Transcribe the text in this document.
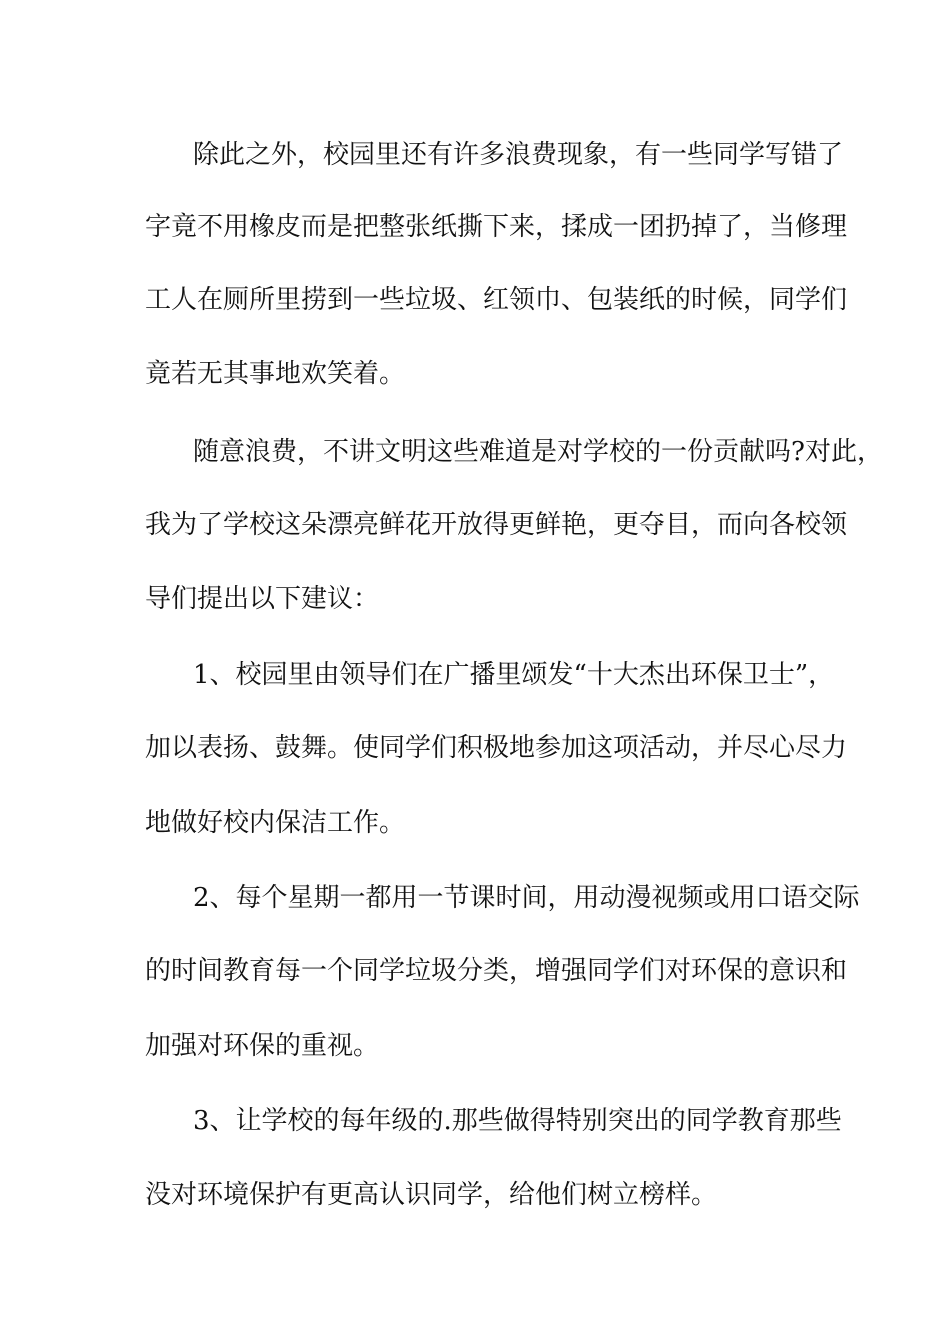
除此之外，校园里还有许多浪费现象，有一些同学写错了

字竟不用橡皮而是把整张纸撕下来，揉成一团扔掉了，当修理

工人在厕所里捞到一些垃圾、红领巾、包装纸的时候，同学们

竟若无其事地欢笑着。

随意浪费，不讲文明这些难道是对学校的一份贡献吗?对此，

我为了学校这朵漂亮鲜花开放得更鲜艳，更夺目，而向各校领

导们提出以下建议：

1、校园里由领导们在广播里颂发“十大杰出环保卫士”，

加以表扬、鼓舞。使同学们积极地参加这项活动，并尽心尽力

地做好校内保洁工作。

2、每个星期一都用一节课时间，用动漫视频或用口语交际

的时间教育每一个同学垃圾分类，增强同学们对环保的意识和

加强对环保的重视。

3、让学校的每年级的.那些做得特别突出的同学教育那些

没对环境保护有更高认识同学，给他们树立榜样。
